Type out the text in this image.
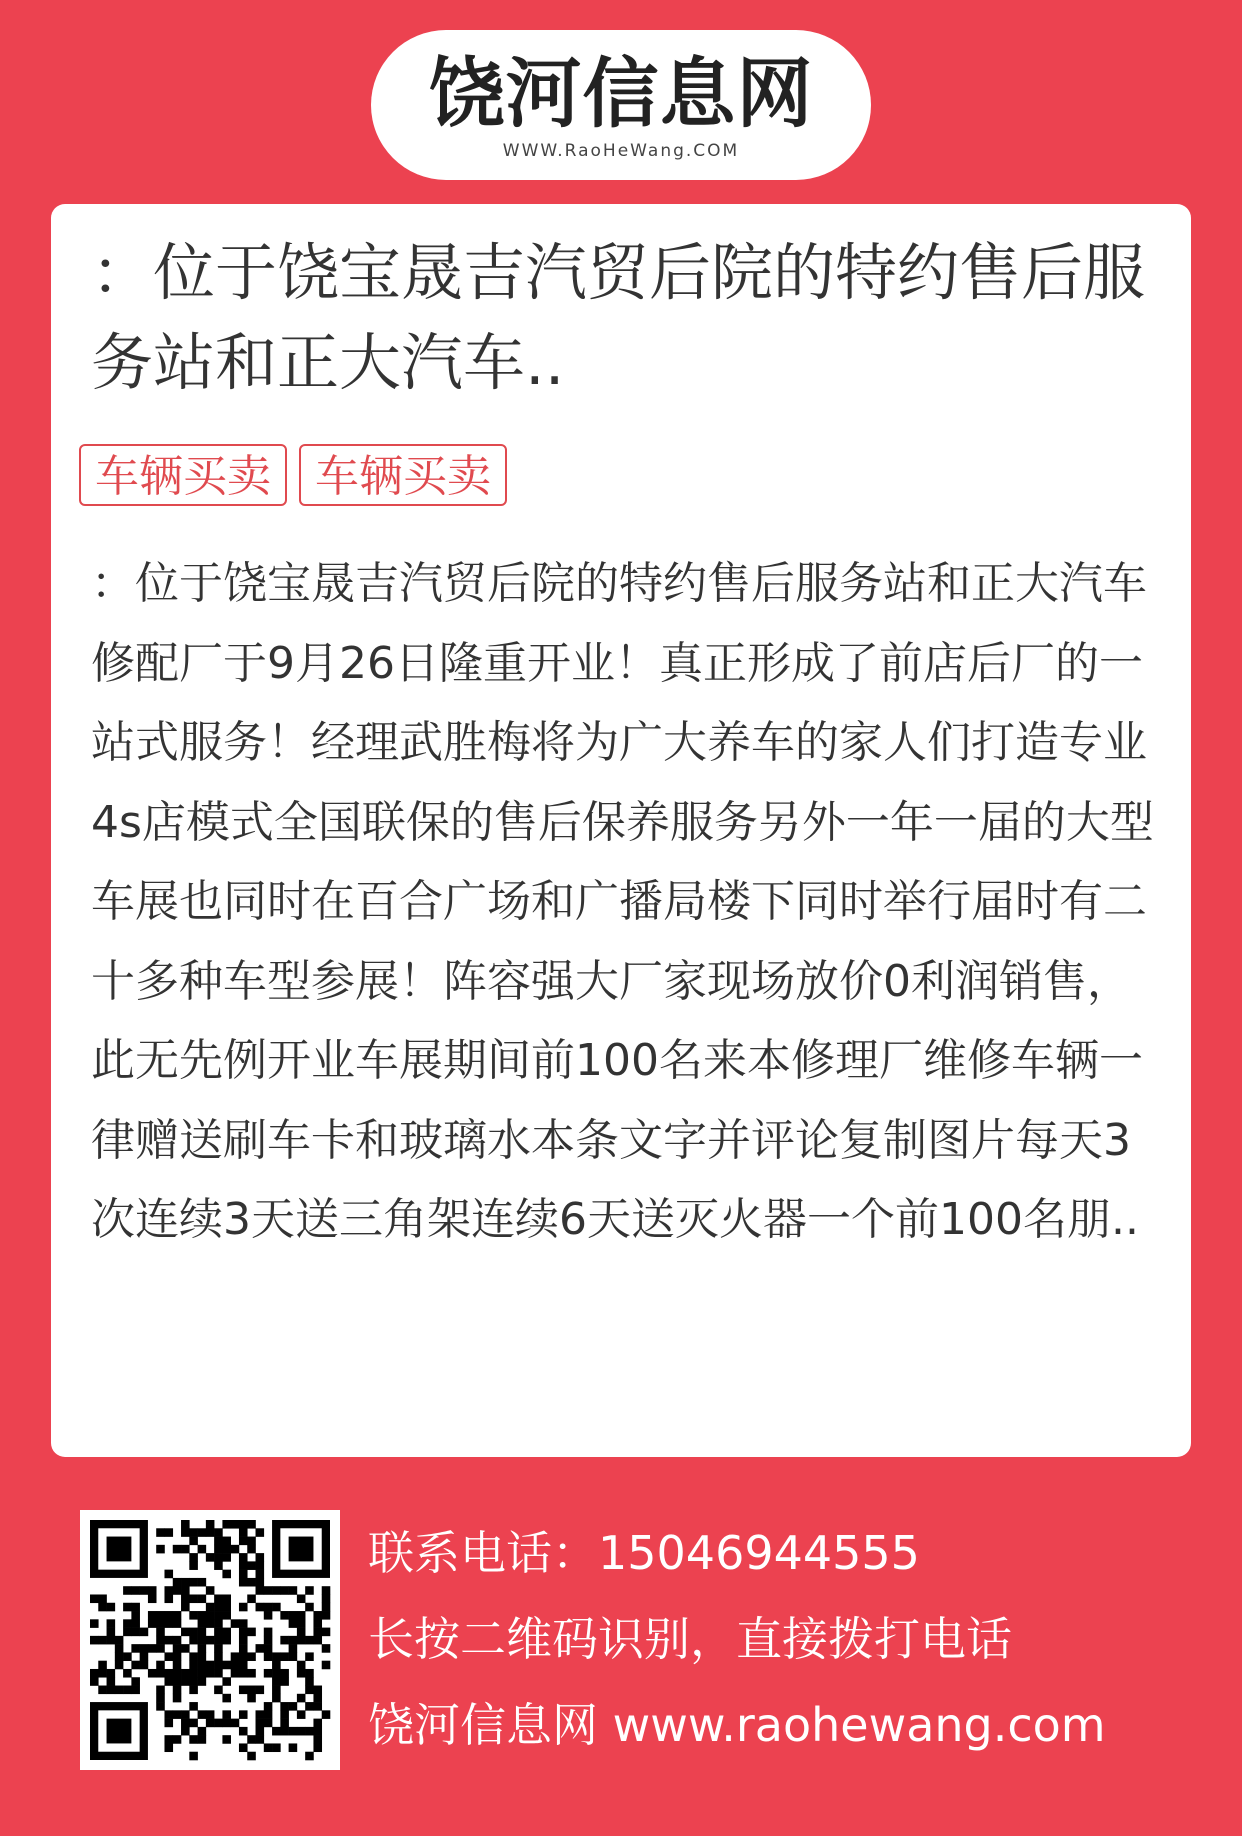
饶河信息网
WWW.RaoHeWang.COM
：位于饶宝晟吉汽贸后院的特约售后服务站和正大汽车..
车辆买卖 车辆买卖

：位于饶宝晟吉汽贸后院的特约售后服务站和正大汽车修配厂于9月26日隆重开业！真正形成了前店后厂的一站式服务！经理武胜梅将为广大养车的家人们打造专业4s店模式全国联保的售后保养服务另外一年一届的大型车展也同时在百合广场和广播局楼下同时举行届时有二十多种车型参展！阵容强大厂家现场放价0利润销售，此无先例开业车展期间前100名来本修理厂维修车辆一律赠送刷车卡和玻璃水本条文字并评论复制图片每天3次连续3天送三角架连续6天送灭火器一个前100名朋..

联系电话：15046944555
长按二维码识别，直接拨打电话
饶河信息网 www.raohewang.com
